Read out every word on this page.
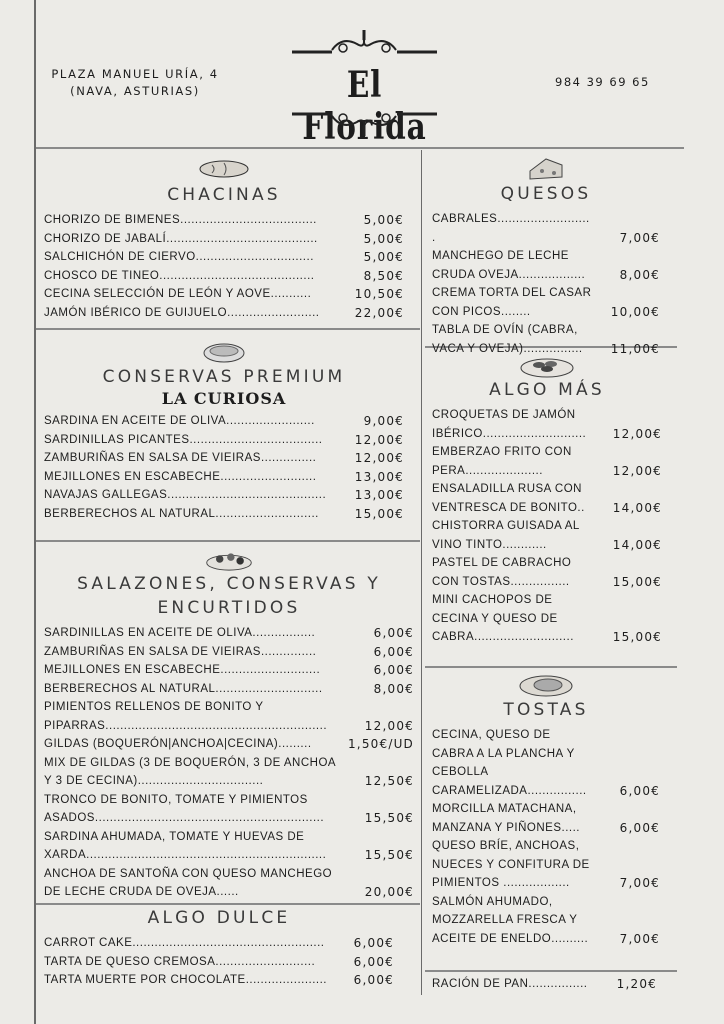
PLAZA MANUEL URÍA, 4
(NAVA, ASTURIAS)	El Florida
984 39 69 65
CHACINAS
CHORIZO DE BIMENES.....................................	5,00€
CHORIZO DE JABALÍ.........................................	5,00€
SALCHICHÓN DE CIERVO................................	5,00€
CHOSCO DE TINEO..........................................	8,50€
CECINA SELECCIÓN DE LEÓN Y AOVE...........	10,50€
JAMÓN IBÉRICO DE GUIJUELO.........................	22,00€
CONSERVAS PREMIUM
LA CURIOSA
SARDINA EN ACEITE DE OLIVA........................	9,00€
SARDINILLAS PICANTES....................................	12,00€
ZAMBURIÑAS EN SALSA DE VIEIRAS...............	12,00€
MEJILLONES EN ESCABECHE..........................	13,00€
NAVAJAS GALLEGAS...........................................	13,00€
BERBERECHOS AL NATURAL............................	15,00€
SALAZONES, CONSERVAS Y
ENCURTIDOS
SARDINILLAS EN ACEITE DE OLIVA.................	6,00€
ZAMBURIÑAS EN SALSA DE VIEIRAS...............	6,00€
MEJILLONES EN ESCABECHE...........................	6,00€
BERBERECHOS AL NATURAL.............................	8,00€
PIMIENTOS RELLENOS DE BONITO Y PIPARRAS............................................................	12,00€
GILDAS (BOQUERÓN|ANCHOA|CECINA).........	1,50€/UD
MIX DE GILDAS (3 DE BOQUERÓN, 3 DE ANCHOA Y 3 DE CECINA)..................................	12,50€
TRONCO DE BONITO, TOMATE Y PIMIENTOS ASADOS..............................................................	15,50€
SARDINA AHUMADA, TOMATE Y HUEVAS DE XARDA.................................................................	15,50€
ANCHOA DE SANTOÑA CON QUESO MANCHEGO DE LECHE CRUDA DE OVEJA......	20,00€
ALGO DULCE
CARROT CAKE....................................................	6,00€
TARTA DE QUESO CREMOSA...........................	6,00€
TARTA MUERTE POR CHOCOLATE......................	6,00€
QUESOS
CABRALES..........................	7,00€
MANCHEGO DE LECHE CRUDA OVEJA..................	8,00€
CREMA TORTA DEL CASAR CON PICOS........	10,00€
TABLA DE OVÍN (CABRA, VACA Y OVEJA)................	11,00€
ALGO MÁS
CROQUETAS DE JAMÓN IBÉRICO............................	12,00€
EMBERZAO FRITO CON PERA.....................	12,00€
ENSALADILLA RUSA CON VENTRESCA DE BONITO..	14,00€
CHISTORRA GUISADA AL VINO TINTO............	14,00€
PASTEL DE CABRACHO CON TOSTAS................	15,00€
MINI CACHOPOS DE CECINA Y QUESO DE CABRA...........................	15,00€
TOSTAS
CECINA, QUESO DE CABRA A LA PLANCHA Y CEBOLLA CARAMELIZADA................	6,00€
MORCILLA MATACHANA, MANZANA Y PIÑONES.....	6,00€
QUESO BRÍE, ANCHOAS, NUECES Y CONFITURA DE PIMIENTOS ..................	7,00€
SALMÓN AHUMADO, MOZZARELLA FRESCA Y ACEITE DE ENELDO..........	7,00€
RACIÓN DE PAN................	1,20€
